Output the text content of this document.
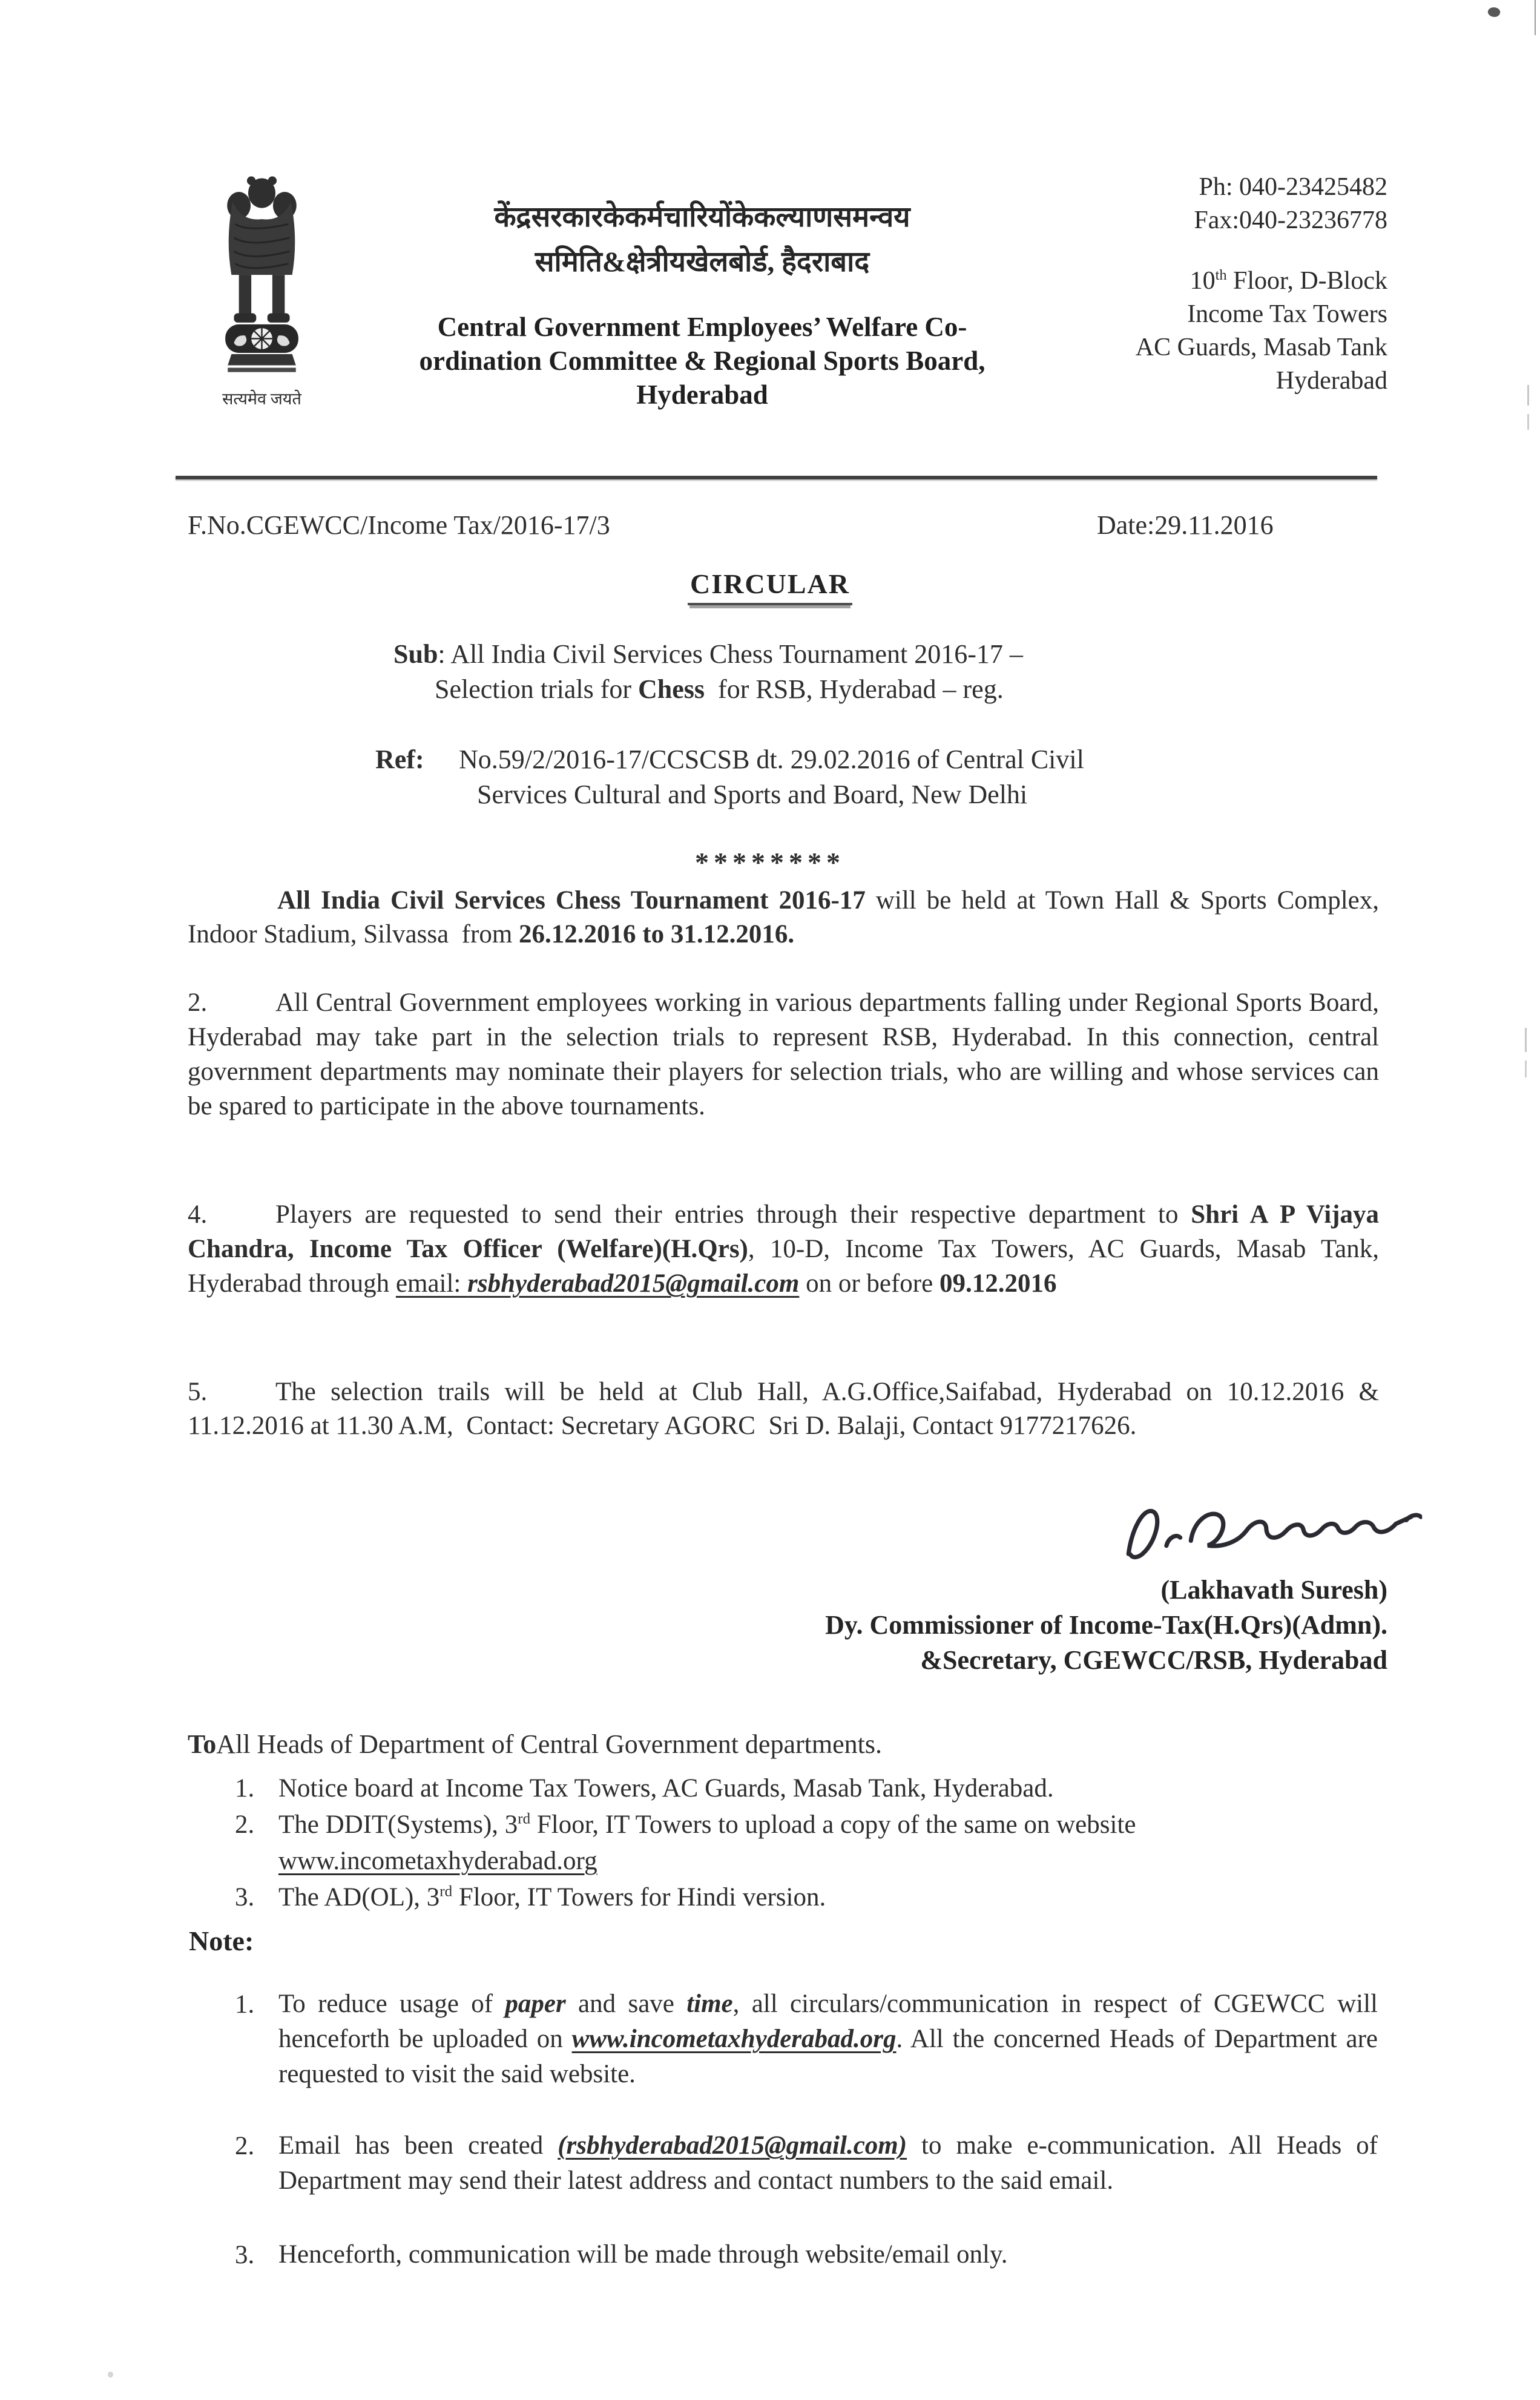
सत्यमेव जयते
केंद्रसरकारकेकर्मचारियोंकेकल्याणसमन्वय
समिति&क्षेत्रीयखेलबोर्ड, हैदराबाद
Central Government Employees’ Welfare Co-
ordination Committee & Regional Sports Board,
Hyderabad
Ph: 040-23425482
Fax:040-23236778
10th Floor, D-Block
Income Tax Towers
AC Guards, Masab Tank
Hyderabad
F.No.CGEWCC/Income Tax/2016-17/3	Date:29.11.2016
CIRCULAR
Sub: All India Civil Services Chess Tournament 2016-17 –
Selection trials for Chess  for RSB, Hyderabad – reg.
Ref:	No.59/2/2016-17/CCSCSB dt. 29.02.2016 of Central Civil
Services Cultural and Sports and Board, New Delhi
********
All India Civil Services Chess Tournament 2016-17 will be held at Town Hall & Sports Complex, Indoor Stadium, Silvassa  from 26.12.2016 to 31.12.2016.
2.	All Central Government employees working in various departments falling under Regional Sports Board, Hyderabad may take part in the selection trials to represent RSB, Hyderabad. In this connection, central government departments may nominate their players for selection trials, who are willing and whose services can be spared to participate in the above tournaments.
4.	Players are requested to send their entries through their respective department to Shri A P Vijaya Chandra, Income Tax Officer (Welfare)(H.Qrs), 10-D, Income Tax Towers, AC Guards, Masab Tank, Hyderabad through email: rsbhyderabad2015@gmail.com on or before 09.12.2016
5.	The selection trails will be held at Club Hall, A.G.Office,Saifabad, Hyderabad on 10.12.2016 & 11.12.2016 at 11.30 A.M,  Contact: Secretary AGORC  Sri D. Balaji, Contact 9177217626.
(Lakhavath Suresh)
Dy. Commissioner of Income-Tax(H.Qrs)(Admn).
&Secretary, CGEWCC/RSB, Hyderabad
ToAll Heads of Department of Central Government departments.
1. Notice board at Income Tax Towers, AC Guards, Masab Tank, Hyderabad.
2. The DDIT(Systems), 3rd Floor, IT Towers to upload a copy of the same on website
www.incometaxhyderabad.org
3. The AD(OL), 3rd Floor, IT Towers for Hindi version.
Note:
1. To reduce usage of paper and save time, all circulars/communication in respect of CGEWCC will henceforth be uploaded on www.incometaxhyderabad.org. All the concerned Heads of Department are requested to visit the said website.
2. Email has been created (rsbhyderabad2015@gmail.com) to make e-communication. All Heads of Department may send their latest address and contact numbers to the said email.
3. Henceforth, communication will be made through website/email only.
